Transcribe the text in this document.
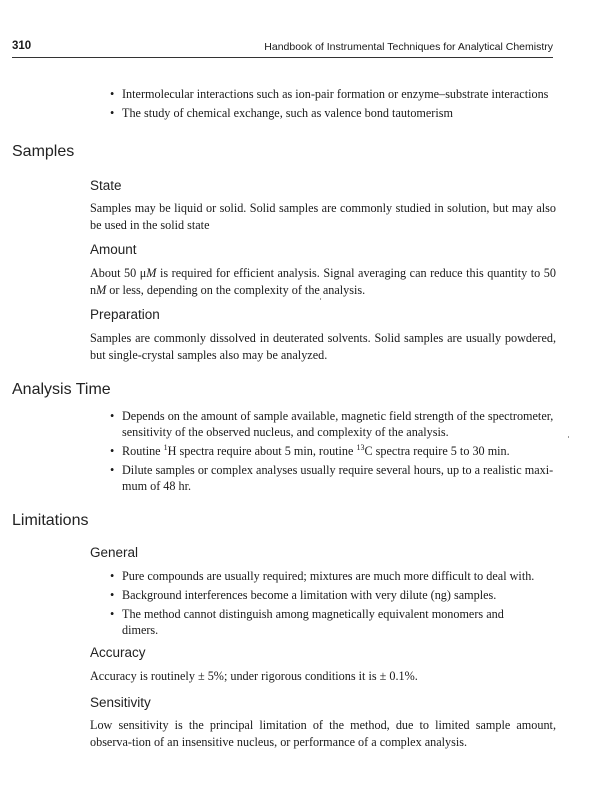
310	Handbook of Instrumental Techniques for Analytical Chemistry
• Intermolecular interactions such as ion-pair formation or enzyme–substrate interactions
• The study of chemical exchange, such as valence bond tautomerism
Samples
State
Samples may be liquid or solid. Solid samples are commonly studied in solution, but may also be used in the solid state
Amount
About 50 μM is required for efficient analysis. Signal averaging can reduce this quantity to 50 nM or less, depending on the complexity of the analysis.
Preparation
Samples are commonly dissolved in deuterated solvents. Solid samples are usually powdered, but single-crystal samples also may be analyzed.
Analysis Time
• Depends on the amount of sample available, magnetic field strength of the spectrometer, sensitivity of the observed nucleus, and complexity of the analysis.
• Routine $^1$H spectra require about 5 min, routine $^{13}$C spectra require 5 to 30 min.
• Dilute samples or complex analyses usually require several hours, up to a realistic maxi-mum of 48 hr.
Limitations
General
• Pure compounds are usually required; mixtures are much more difficult to deal with.
• Background interferences become a limitation with very dilute (ng) samples.
• The method cannot distinguish among magnetically equivalent monomers and dimers.
Accuracy
Accuracy is routinely ± 5%; under rigorous conditions it is ± 0.1%.
Sensitivity
Low sensitivity is the principal limitation of the method, due to limited sample amount, observa-tion of an insensitive nucleus, or performance of a complex analysis.
